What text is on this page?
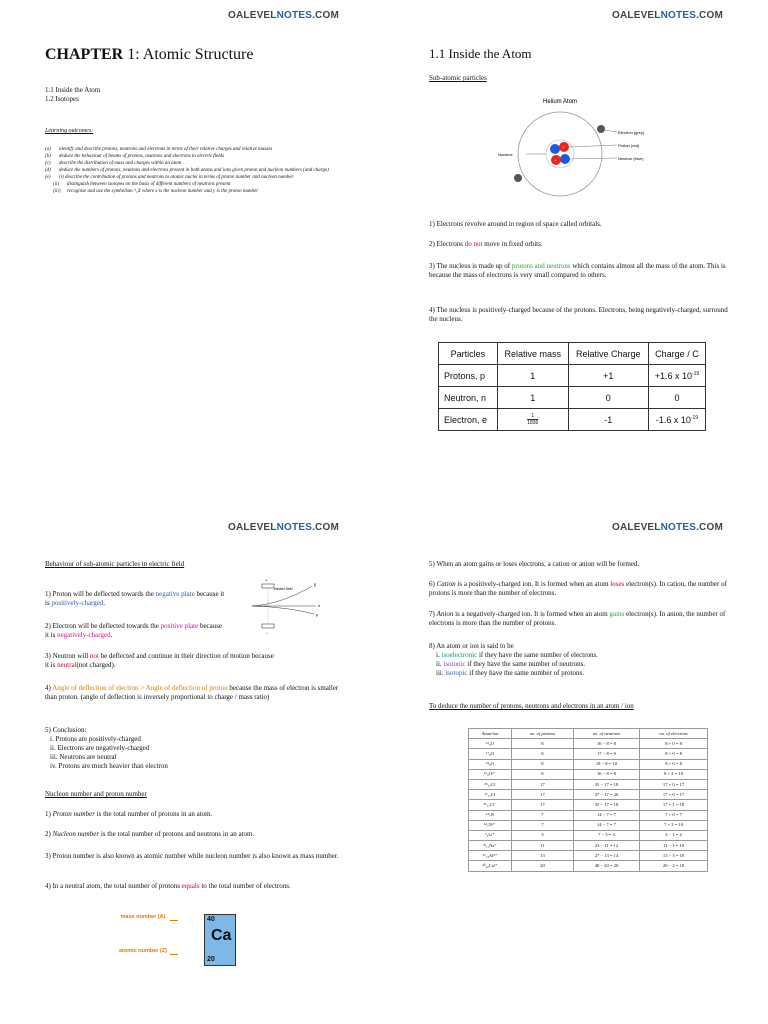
OALEVELNOTES.COM
CHAPTER 1: Atomic Structure
1.1 Inside the Atom
1.2 Isotopes
Learning outcomes:
(a)	identify and describe protons, neutrons and electrons in terms of their relative charges and relative masses
(b)	deduce the behaviour of beams of protons, neutrons and electrons in electric fields
(c)	describe the distribution of mass and charges within an atom
(d)	deduce the numbers of protons, neutrons and electrons present in both atoms and ions given proton and nucleon numbers (and charge)
(e)	(i) describe the contribution of protons and neutrons to atomic nuclei in terms of proton number and nucleon number
(ii)	distinguish between isotopes on the basis of different numbers of neutrons present
(iii)	recognise and use the symbolism ᴬ꜀X where x is the nucleon number and y is the proton number
OALEVELNOTES.COM
1.1 Inside the Atom
Sub-atomic particles
Helium Atom
Electron (grey)
Proton (red)
Neutron (blue)
Nucleus
+
+
1) Electrons revolve around in region of space called orbitals.
2) Electrons do not move in fixed orbits.
3) The nucleus is made up of protons and neutrons which contains almost all the mass of the atom. This is because the mass of electrons is very small compared to others.
4) The nucleus is positively-charged because of the protons. Electrons, being negatively-charged, surround the nucleus.
Particles	Relative mass	Relative Charge	Charge / C
Protons, p	1	+1	+1.6 x $10^{-19}$
Neutron, n	1	0	0
Electron, e	$\frac{1}{1836}$	-1	-1.6 x $10^{-19}$
OALEVELNOTES.COM
Behaviour of sub-atomic particles in electric field
+
−
electric field
β
n
p
1) Proton will be deflected towards the negative plate because it is positively-charged.
2) Electron will be deflected towards the positive plate because it is negatively-charged.
3) Neutron will not be deflected and continue in their direction of motion because it is neutral(not charged).
4) Angle of deflection of electron > Angle of deflection of proton because the mass of electron is smaller than proton. (angle of deflection is inversely proportional to charge / mass ratio)
5) Conclusion:
i. Protons are positively-charged
ii. Electrons are negatively-charged
iii. Neutrons are neutral
iv. Protons are much heavier than electron
Nucleon number and proton number
1) Proton number is the total number of protons in an atom.
2) Nucleon number is the total number of protons and neutrons in an atom.
3) Proton number is also known as atomic number while nucleon number is also known as mass number.
4) In a neutral atom, the total number of protons equals to the total number of electrons.
mass number (A)
atomic number (Z)
40
Ca
20
OALEVELNOTES.COM
5) When an atom gains or loses electrons, a cation or anion will be formed.
6) Cation is a positively-charged ion. It is formed when an atom loses electron(s). In cation, the number of protons is more than the number of electrons.
7) Anion is a negatively-charged ion. It is formed when an atom gains electron(s). In anion, the number of electrons is more than the number of protons.
8) An atom or ion is said to be
i. isoelectronic if they have the same number of electrons.
ii. isotonic if they have the same number of neutrons.
iii. isotopic if they have the same number of protons.
To deduce the number of protons, neutrons and electrons in an atom / ion
Atom/ion	no. of protons	no. of neutrons	no. of electrons
¹⁶₈O	8	16 − 8 = 8	8 + 0 = 8
¹⁷₈O	8	17 − 8 = 9	8 + 0 = 8
¹⁸₈O	8	18 − 8 = 10	8 + 0 = 8
¹⁶₈O²⁻	8	16 − 8 = 8	8 + 2 = 10
³⁵₁₇Cl	17	35 − 17 = 18	17 + 0 = 17
³⁷₁₇Cl	17	37 − 17 = 20	17 + 0 = 17
³⁵₁₇Cl⁻	17	35 − 17 = 18	17 + 1 = 18
¹⁴₇N	7	14 − 7 = 7	7 + 0 = 7
¹⁴₇N³⁻	7	14 − 7 = 7	7 + 3 = 10
⁷₃Li⁺	3	7 − 3 = 4	3 − 1 = 2
²³₁₁Na⁺	11	23 − 11 = 12	11 − 1 = 10
²⁷₁₃Al³⁺	13	27 − 13 = 14	13 − 3 = 10
⁴⁰₂₀Ca²⁺	20	40 − 20 = 20	20 − 2 = 18
